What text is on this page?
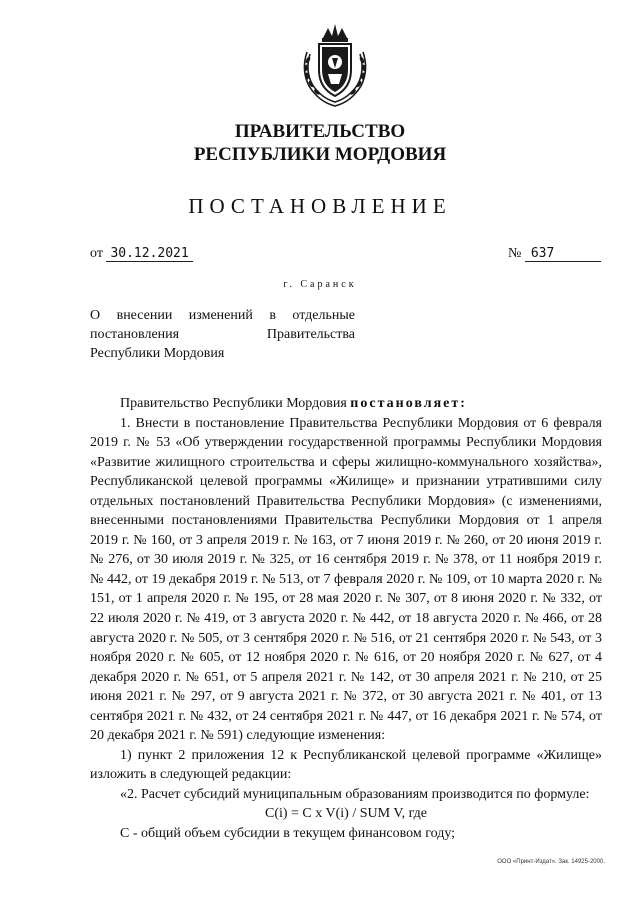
ПРАВИТЕЛЬСТВО
РЕСПУБЛИКИ МОРДОВИЯ
ПОСТАНОВЛЕНИЕ
от 30.12.2021	№ 637
г. Саранск

О внесении изменений в отдельные

постановления Правительства

Республики Мордовия

Правительство Республики Мордовия постановляет:

1. Внести в постановление Правительства Республики Мордовия от 6 февраля 2019 г. № 53 «Об утверждении государственной программы Республики Мордовия «Развитие жилищного строительства и сферы жилищно-коммунального хозяйства», Республиканской целевой программы «Жилище» и признании утратившими силу отдельных постановлений Правительства Республики Мордовия» (с изменениями, внесенными постановлениями Правительства Республики Мордовия от 1 апреля 2019 г. № 160, от 3 апреля 2019 г. № 163, от 7 июня 2019 г. № 260, от 20 июня 2019 г. № 276, от 30 июля 2019 г. № 325, от 16 сентября 2019 г. № 378, от 11 ноября 2019 г. № 442, от 19 декабря 2019 г. № 513, от 7 февраля 2020 г. № 109, от 10 марта 2020 г. № 151, от 1 апреля 2020 г. № 195, от 28 мая 2020 г. № 307, от 8 июня 2020 г. № 332, от 22 июля 2020 г. № 419, от 3 августа 2020 г. № 442, от 18 августа 2020 г. № 466, от 28 августа 2020 г. № 505, от 3 сентября 2020 г. № 516, от 21 сентября 2020 г. № 543, от 3 ноября 2020 г. № 605, от 12 ноября 2020 г. № 616, от 20 ноября 2020 г. № 627, от 4 декабря 2020 г. № 651, от 5 апреля 2021 г. № 142, от 30 апреля 2021 г. № 210, от 25 июня 2021 г. № 297, от 9 августа 2021 г. № 372, от 30 августа 2021 г. № 401, от 13 сентября 2021 г. № 432, от 24 сентября 2021 г. № 447, от 16 декабря 2021 г. № 574, от 20 декабря 2021 г. № 591) следующие изменения:

1) пункт 2 приложения 12 к Республиканской целевой программе «Жилище» изложить в следующей редакции:

«2. Расчет субсидий муниципальным образованиям производится по формуле:

C(i) = C x V(i) / SUM V, где

С - общий объем субсидии в текущем финансовом году;

ООО «Принт-Издат». Зак. 14925-2000.
